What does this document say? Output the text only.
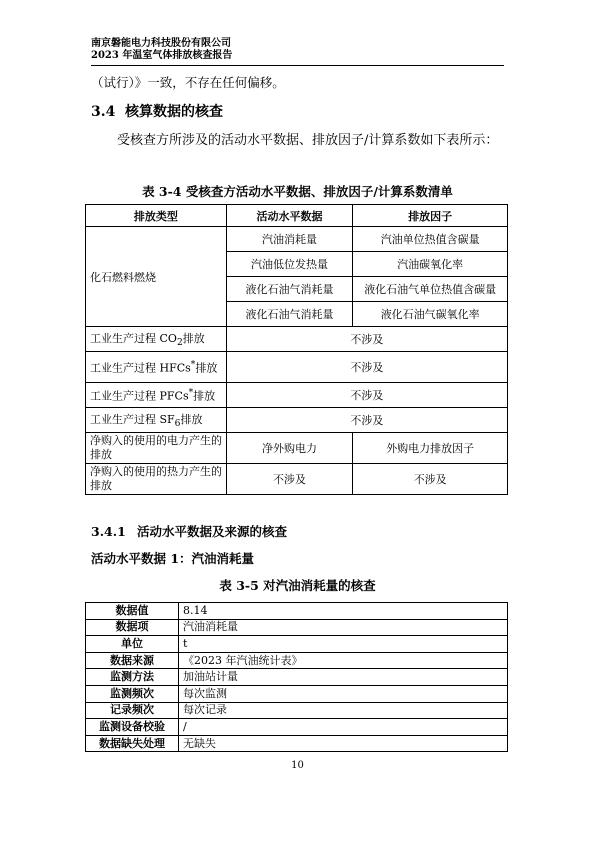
南京磐能电力科技股份有限公司
2023 年温室气体排放核查报告
（试行）》一致，不存在任何偏移。
3.4 核算数据的核查
受核查方所涉及的活动水平数据、排放因子/计算系数如下表所示：
表 3-4 受核查方活动水平数据、排放因子/计算系数清单
排放类型	活动水平数据	排放因子
化石燃料燃烧	汽油消耗量	汽油单位热值含碳量
	汽油低位发热量	汽油碳氧化率
	液化石油气消耗量	液化石油气单位热值含碳量
	液化石油气消耗量	液化石油气碳氧化率
工业生产过程 $CO_2$排放	不涉及	
工业生产过程 HFCs*排放	不涉及	
工业生产过程 PFCs*排放	不涉及	
工业生产过程 $SF_6$排放	不涉及	
净购入的使用的电力产生的排放	净外购电力	外购电力排放因子
净购入的使用的热力产生的排放	不涉及	不涉及
3.4.1 活动水平数据及来源的核查
活动水平数据 1：汽油消耗量
表 3-5 对汽油消耗量的核查
数据值	8.14
数据项	汽油消耗量
单位	t
数据来源	《2023 年汽油统计表》
监测方法	加油站计量
监测频次	每次监测
记录频次	每次记录
监测设备校验	/
数据缺失处理	无缺失
10
